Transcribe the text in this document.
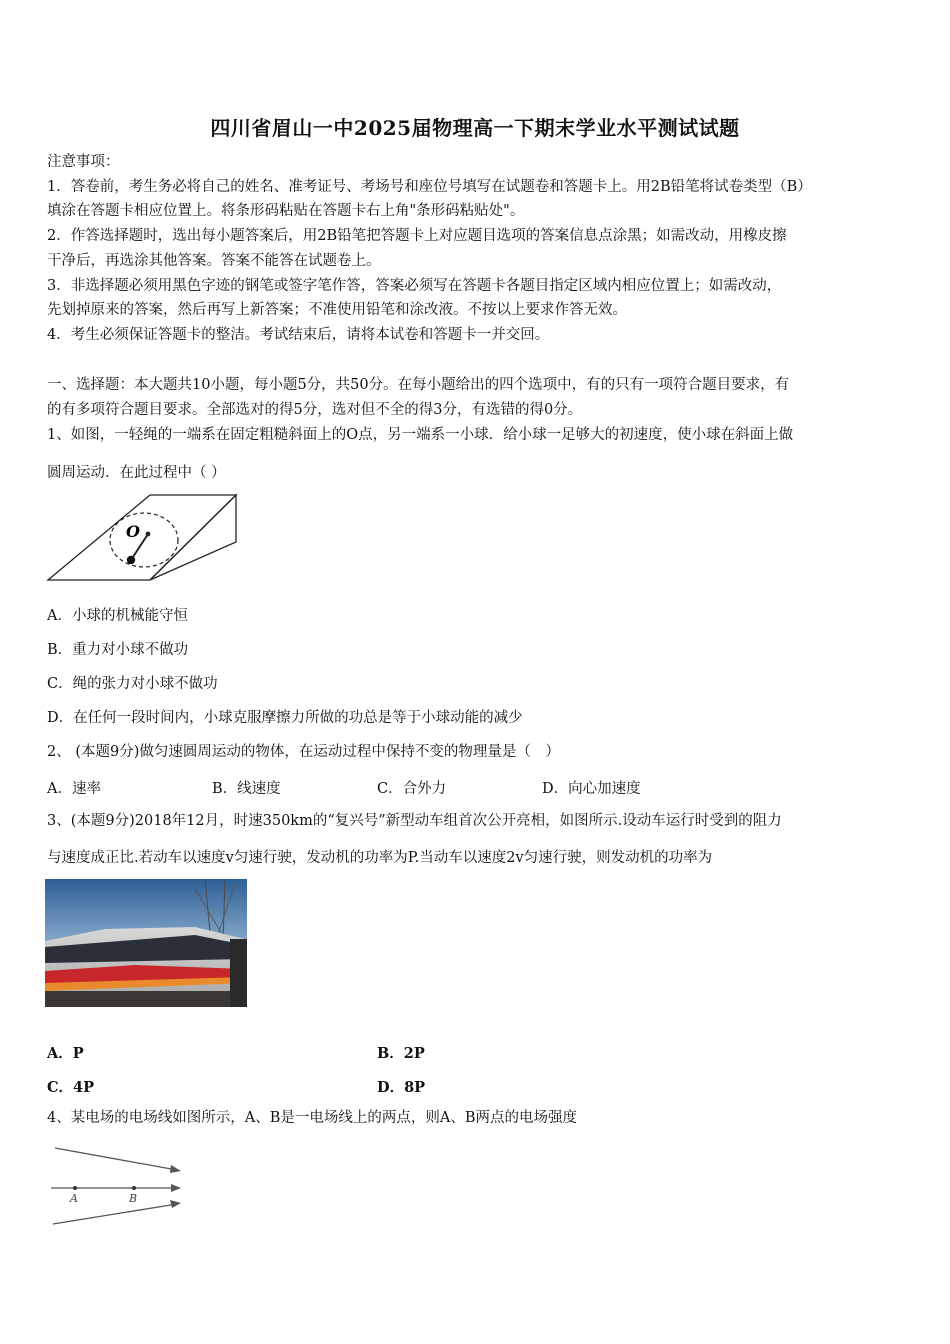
四川省眉山一中2025届物理高一下期末学业水平测试试题
注意事项：
1．答卷前，考生务必将自己的姓名、准考证号、考场号和座位号填写在试题卷和答题卡上。用2B铅笔将试卷类型（B）
填涂在答题卡相应位置上。将条形码粘贴在答题卡右上角"条形码粘贴处"。
2．作答选择题时，选出每小题答案后，用2B铅笔把答题卡上对应题目选项的答案信息点涂黑；如需改动，用橡皮擦
干净后，再选涂其他答案。答案不能答在试题卷上。
3．非选择题必须用黑色字迹的钢笔或签字笔作答，答案必须写在答题卡各题目指定区域内相应位置上；如需改动，
先划掉原来的答案，然后再写上新答案；不准使用铅笔和涂改液。不按以上要求作答无效。
4．考生必须保证答题卡的整洁。考试结束后，请将本试卷和答题卡一并交回。
一、选择题：本大题共10小题，每小题5分，共50分。在每小题给出的四个选项中，有的只有一项符合题目要求，有
的有多项符合题目要求。全部选对的得5分，选对但不全的得3分，有选错的得0分。
1、如图，一轻绳的一端系在固定粗糙斜面上的O点，另一端系一小球．给小球一足够大的初速度，使小球在斜面上做
圆周运动．在此过程中（ ）
O
A．小球的机械能守恒
B．重力对小球不做功
C．绳的张力对小球不做功
D．在任何一段时间内，小球克服摩擦力所做的功总是等于小球动能的减少
2、 (本题9分)做匀速圆周运动的物体，在运动过程中保持不变的物理量是（　）
A．速率	B．线速度	C．合外力	D．向心加速度
3、(本题9分)2018年12月，时速350km的“复兴号”新型动车组首次公开亮相，如图所示.设动车运行时受到的阻力
与速度成正比.若动车以速度v匀速行驶，发动机的功率为P.当动车以速度2v匀速行驶，则发动机的功率为
A．P	B．2P
C．4P	D．8P
4、某电场的电场线如图所示，A、B是一电场线上的两点，则A、B两点的电场强度
A	B
